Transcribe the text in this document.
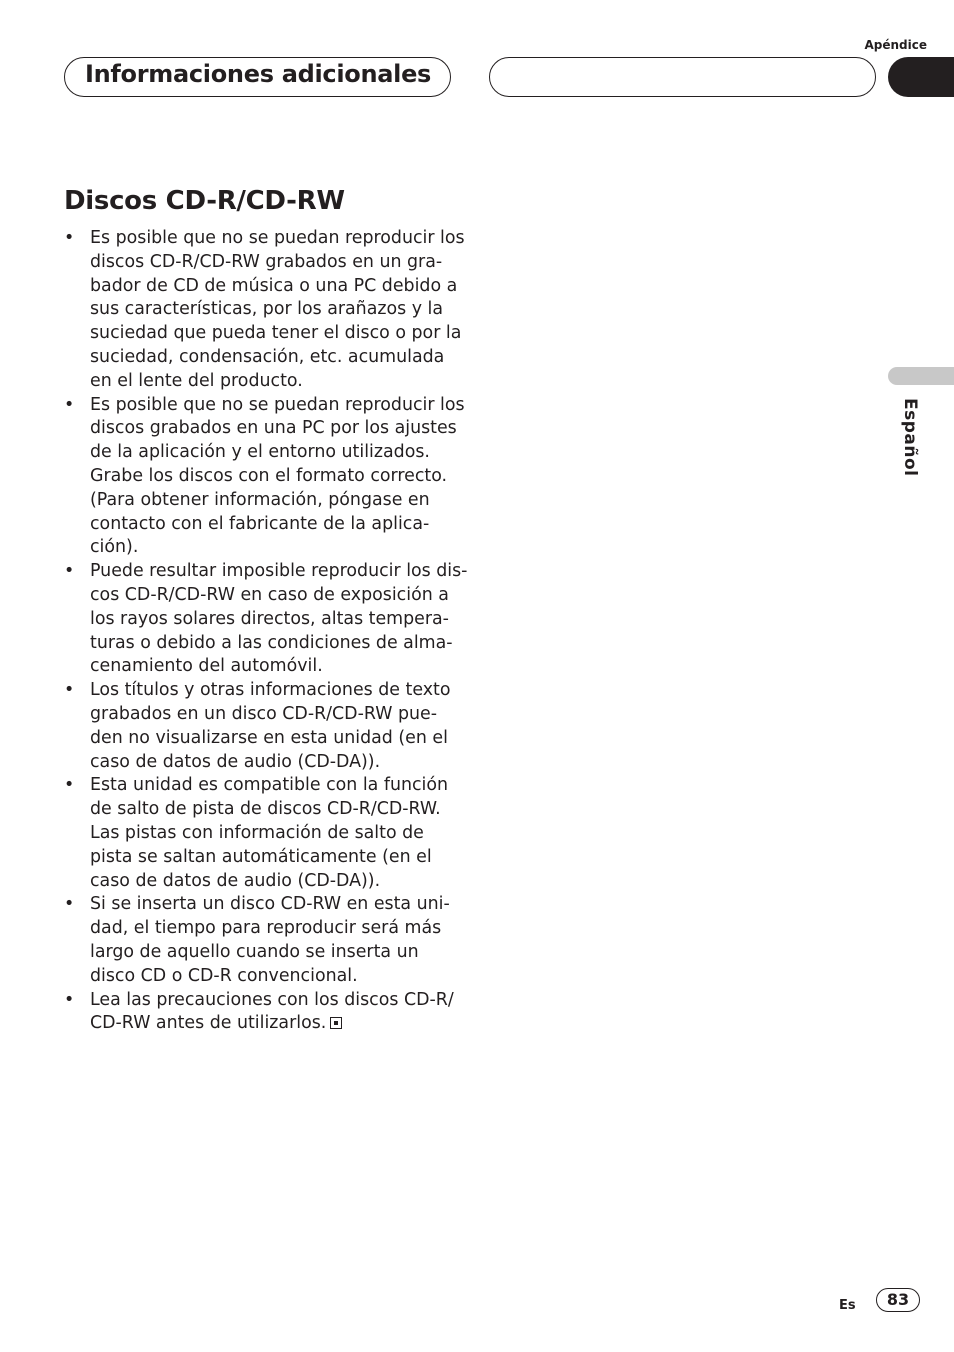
Apéndice
Informaciones adicionales
Español
Discos CD-R/CD-RW
• Es posible que no se puedan reproducir los
discos CD-R/CD-RW grabados en un gra-
bador de CD de música o una PC debido a
sus características, por los arañazos y la
suciedad que pueda tener el disco o por la
suciedad, condensación, etc. acumulada
en el lente del producto.
• Es posible que no se puedan reproducir los
discos grabados en una PC por los ajustes
de la aplicación y el entorno utilizados.
Grabe los discos con el formato correcto.
(Para obtener información, póngase en
contacto con el fabricante de la aplica-
ción).
• Puede resultar imposible reproducir los dis-
cos CD-R/CD-RW en caso de exposición a
los rayos solares directos, altas tempera-
turas o debido a las condiciones de alma-
cenamiento del automóvil.
• Los títulos y otras informaciones de texto
grabados en un disco CD-R/CD-RW pue-
den no visualizarse en esta unidad (en el
caso de datos de audio (CD-DA)).
• Esta unidad es compatible con la función
de salto de pista de discos CD-R/CD-RW.
Las pistas con información de salto de
pista se saltan automáticamente (en el
caso de datos de audio (CD-DA)).
• Si se inserta un disco CD-RW en esta uni-
dad, el tiempo para reproducir será más
largo de aquello cuando se inserta un
disco CD o CD-R convencional.
• Lea las precauciones con los discos CD-R/
CD-RW antes de utilizarlos.
Es	83
